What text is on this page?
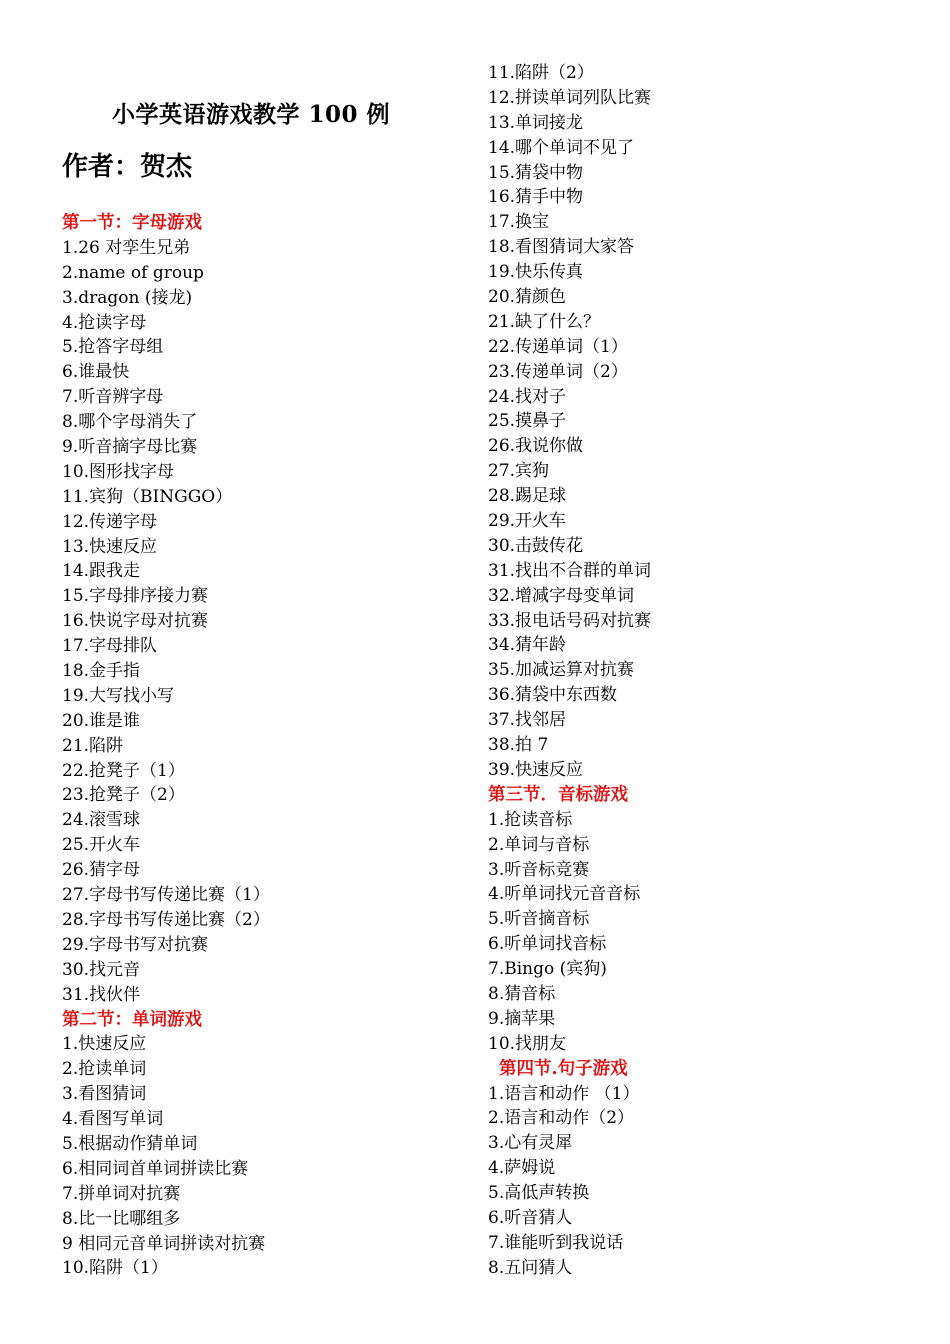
小学英语游戏教学 100 例
作者：贺杰
第一节：字母游戏
1.26 对孪生兄弟
2.name of group
3.dragon (接龙)
4.抢读字母
5.抢答字母组
6.谁最快
7.听音辨字母
8.哪个字母消失了
9.听音摘字母比赛
10.图形找字母
11.宾狗（BINGGO）
12.传递字母
13.快速反应
14.跟我走
15.字母排序接力赛
16.快说字母对抗赛
17.字母排队
18.金手指
19.大写找小写
20.谁是谁
21.陷阱
22.抢凳子（1）
23.抢凳子（2）
24.滚雪球
25.开火车
26.猜字母
27.字母书写传递比赛（1）
28.字母书写传递比赛（2）
29.字母书写对抗赛
30.找元音
31.找伙伴
第二节：单词游戏
1.快速反应
2.抢读单词
3.看图猜词
4.看图写单词
5.根据动作猜单词
6.相同词首单词拼读比赛
7.拼单词对抗赛
8.比一比哪组多
9 相同元音单词拼读对抗赛
10.陷阱（1）
11.陷阱（2）
12.拼读单词列队比赛
13.单词接龙
14.哪个单词不见了
15.猜袋中物
16.猜手中物
17.换宝
18.看图猜词大家答
19.快乐传真
20.猜颜色
21.缺了什么？
22.传递单词（1）
23.传递单词（2）
24.找对子
25.摸鼻子
26.我说你做
27.宾狗
28.踢足球
29.开火车
30.击鼓传花
31.找出不合群的单词
32.增减字母变单词
33.报电话号码对抗赛
34.猜年龄
35.加减运算对抗赛
36.猜袋中东西数
37.找邻居
38.拍 7
39.快速反应
第三节．音标游戏
1.抢读音标
2.单词与音标
3.听音标竞赛
4.听单词找元音音标
5.听音摘音标
6.听单词找音标
7.Bingo (宾狗)
8.猜音标
9.摘苹果
10.找朋友
第四节.句子游戏
1.语言和动作 （1）
2.语言和动作（2）
3.心有灵犀
4.萨姆说
5.高低声转换
6.听音猜人
7.谁能听到我说话
8.五问猜人
